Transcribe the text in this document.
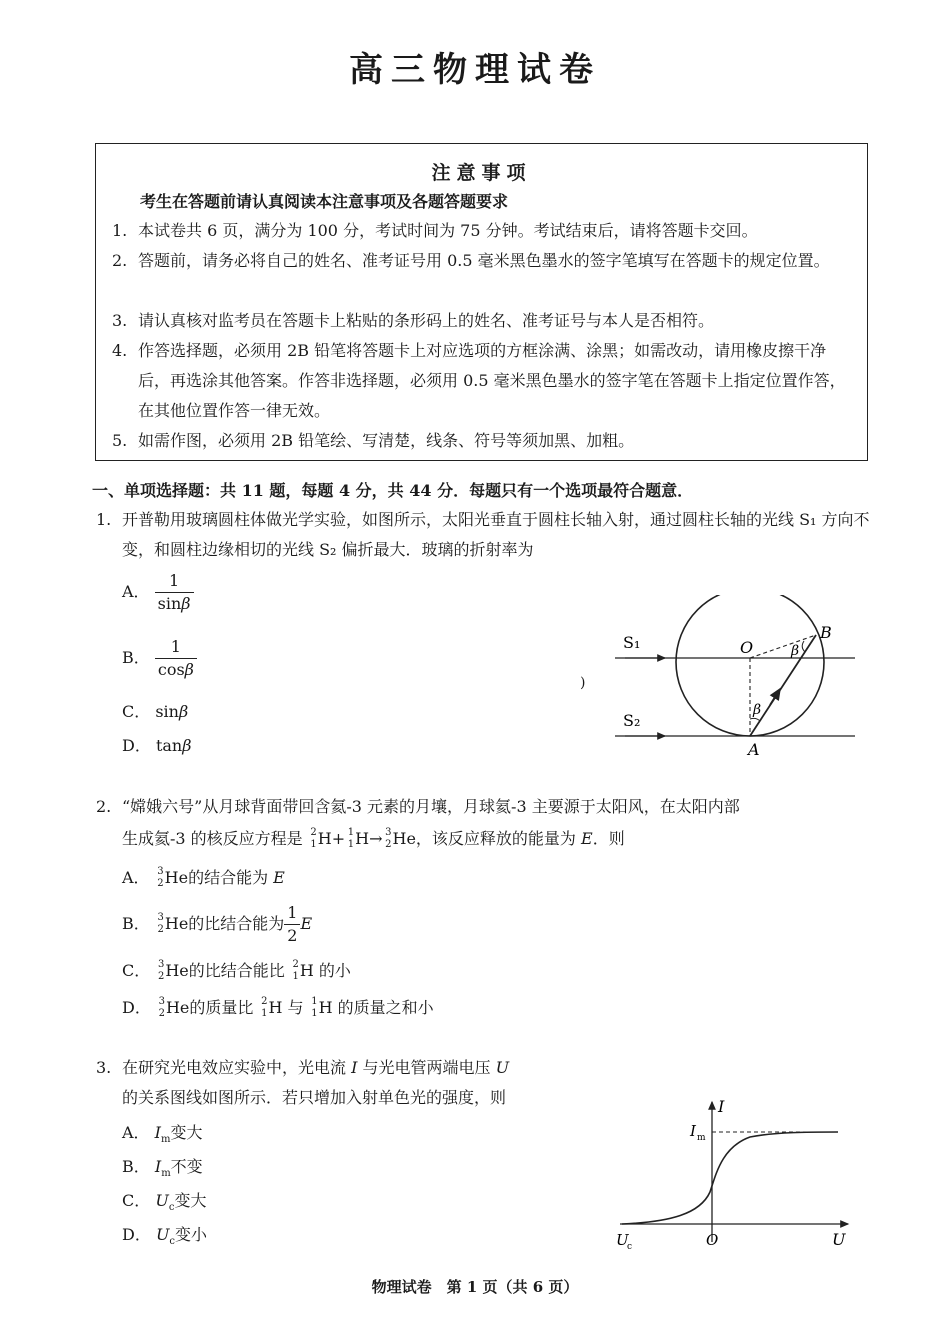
高三物理试卷
注意事项
考生在答题前请认真阅读本注意事项及各题答题要求
1. 本试卷共 6 页，满分为 100 分，考试时间为 75 分钟。考试结束后，请将答题卡交回。
2. 答题前，请务必将自己的姓名、准考证号用 0.5 毫米黑色墨水的签字笔填写在答题卡的规定位置。
3. 请认真核对监考员在答题卡上粘贴的条形码上的姓名、准考证号与本人是否相符。
4. 作答选择题，必须用 2B 铅笔将答题卡上对应选项的方框涂满、涂黑；如需改动，请用橡皮擦干净后，再选涂其他答案。作答非选择题，必须用 0.5 毫米黑色墨水的签字笔在答题卡上指定位置作答，在其他位置作答一律无效。
5. 如需作图，必须用 2B 铅笔绘、写清楚，线条、符号等须加黑、加粗。
一、单项选择题：共 11 题，每题 4 分，共 44 分．每题只有一个选项最符合题意．
1. 开普勒用玻璃圆柱体做光学实验，如图所示，太阳光垂直于圆柱长轴入射，通过圆柱长轴的光线 S₁ 方向不变，和圆柱边缘相切的光线 S₂ 偏折最大．玻璃的折射率为
A． $\frac{1}{\sin\beta}$
B． $\frac{1}{\cos\beta}$
C． sinβ
D． tanβ
)
S₁
S₂
O
B
A
β
β
2. “嫦娥六号”从月球背面带回含氦-3 元素的月壤，月球氦-3 主要源于太阳风，在太阳内部
生成氦-3 的核反应方程是 2
1 H+ 1
1 H→ 3
2 He，该反应释放的能量为 E．则
A． 3
2 He的结合能为 E
B． 3
2 He的比结合能为 $\frac{1}{2}$ E
C． 3
2 He的比结合能比 2
1 H 的小
D． 3
2 He的质量比 2
1 H 与 1
1 H 的质量之和小
3. 在研究光电效应实验中，光电流 I 与光电管两端电压 U
的关系图线如图所示．若只增加入射单色光的强度，则
A． $I_m$变大
B． $I_m$不变
C． $U_c$变大
D． $U_c$变小
I
I m
U
c	O	U
物理试卷　第 1 页（共 6 页）
